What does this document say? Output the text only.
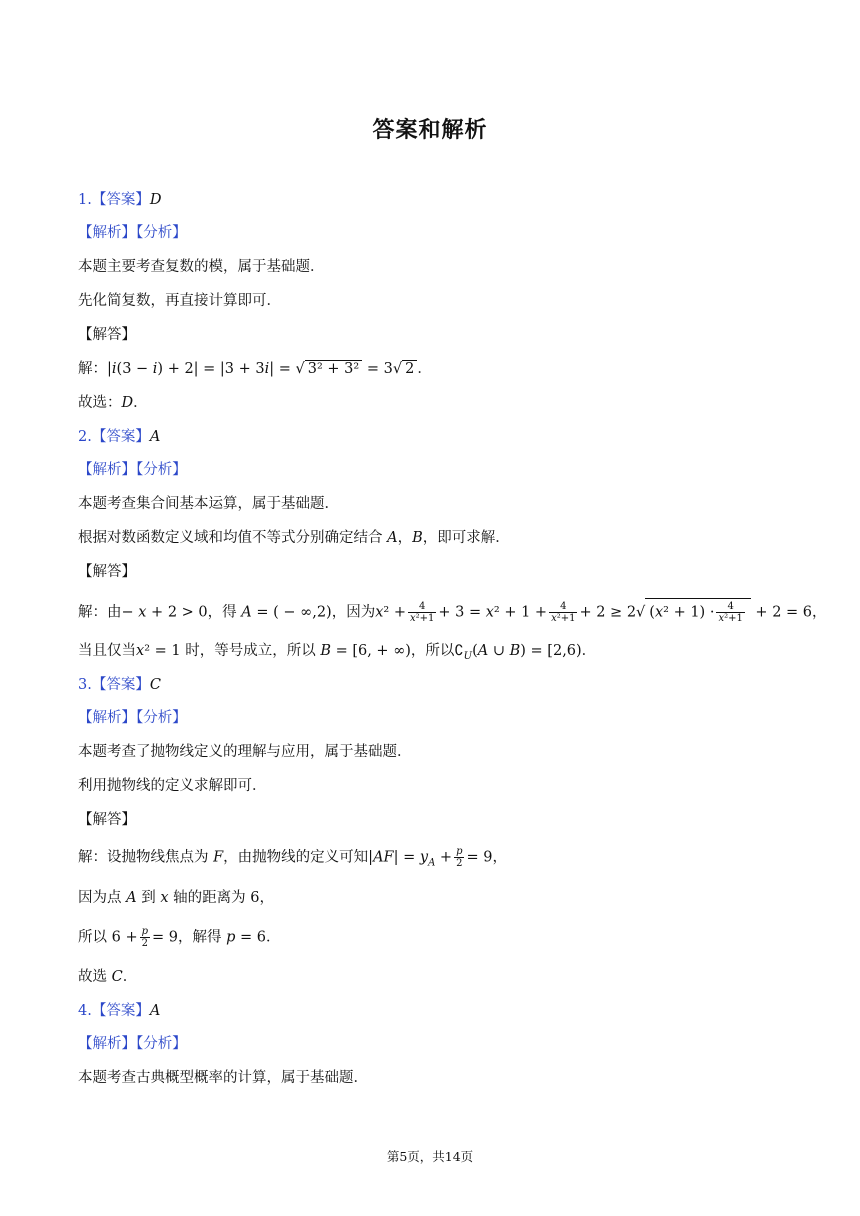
答案和解析
1.【答案】D
【解析】【分析】
本题主要考查复数的模，属于基础题．
先化简复数，再直接计算即可．
【解答】
解：|i(3 − i) + 2| = |3 + 3i| = √ 3² + 3² = 3√ 2 ．
故选：D．
2.【答案】A
【解析】【分析】
本题考查集合间基本运算，属于基础题．
根据对数函数定义域和均值不等式分别确定结合 A，B，即可求解．
【解答】
解：由− x + 2 > 0，得 A = ( − ∞,2)，因为$x^2 + \frac{4}{\text{x²+1}} + 3 = x^2 + 1 + \frac{4}{\text{x²+1}} + 2 \ge 2√$ $(x^2 + 1) \cdot \frac{4}{\text{x²+1}} + 2 = 6$，
当且仅当x² = 1 时，等号成立，所以 B = [6, + ∞)，所以$∁_U(A$ ∪ B) = [2,6)．
3.【答案】C
【解析】【分析】
本题考查了抛物线定义的理解与应用，属于基础题．
利用抛物线的定义求解即可．
【解答】
解：设抛物线焦点为 F，由抛物线的定义可知$|AF| = y_A + \frac{p}{2} = 9$，
因为点 A 到 x 轴的距离为 6，
所以 $6 + \frac{p}{2} = 9$，解得 p = 6．
故选 C．
4.【答案】A
【解析】【分析】
本题考查古典概型概率的计算，属于基础题．
第5页，共14页
